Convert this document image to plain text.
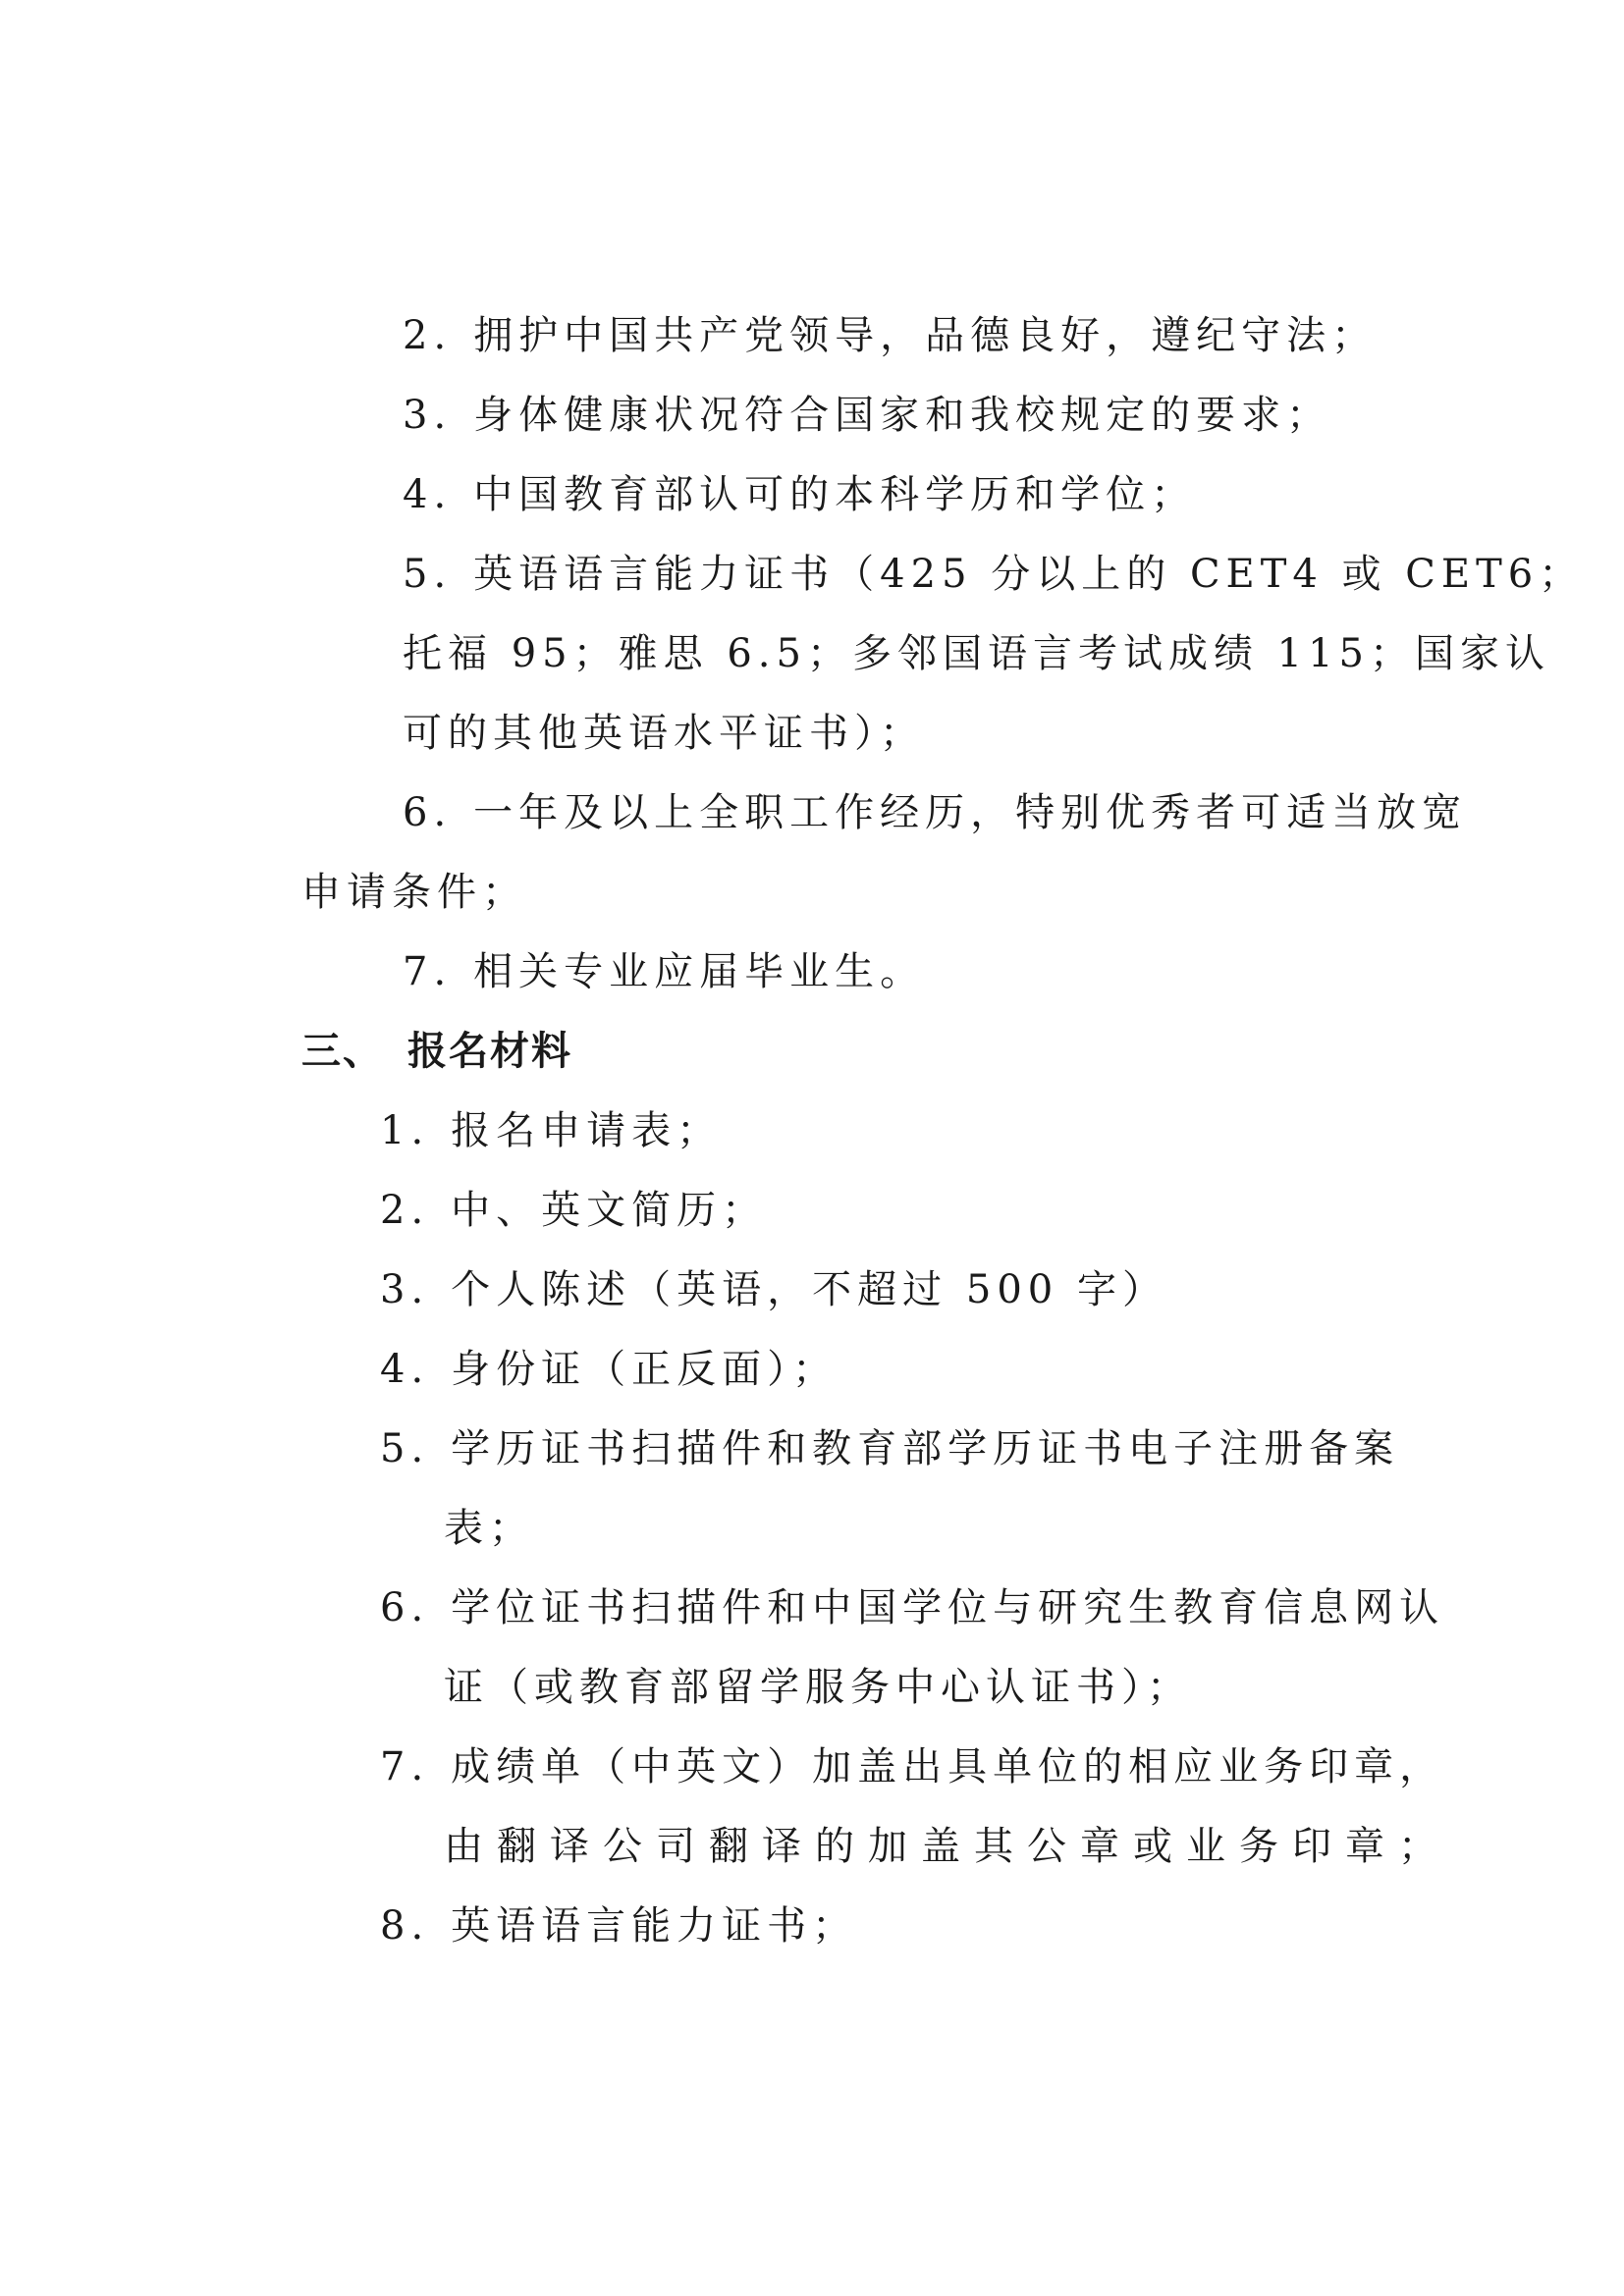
2. 拥护中国共产党领导，品德良好，遵纪守法；
3. 身体健康状况符合国家和我校规定的要求；
4. 中国教育部认可的本科学历和学位；
5. 英语语言能力证书（425 分以上的 CET4 或 CET6；
托福 95；雅思 6.5；多邻国语言考试成绩 115；国家认
可的其他英语水平证书）；
6. 一年及以上全职工作经历，特别优秀者可适当放宽
申请条件；
7. 相关专业应届毕业生。
三、 报名材料
1. 报名申请表；
2. 中、英文简历；
3. 个人陈述（英语，不超过 500 字）
4. 身份证（正反面）；
5. 学历证书扫描件和教育部学历证书电子注册备案
表；
6. 学位证书扫描件和中国学位与研究生教育信息网认
证（或教育部留学服务中心认证书）；
7. 成绩单（中英文）加盖出具单位的相应业务印章，
由翻译公司翻译的加盖其公章或业务印章；
8. 英语语言能力证书；
